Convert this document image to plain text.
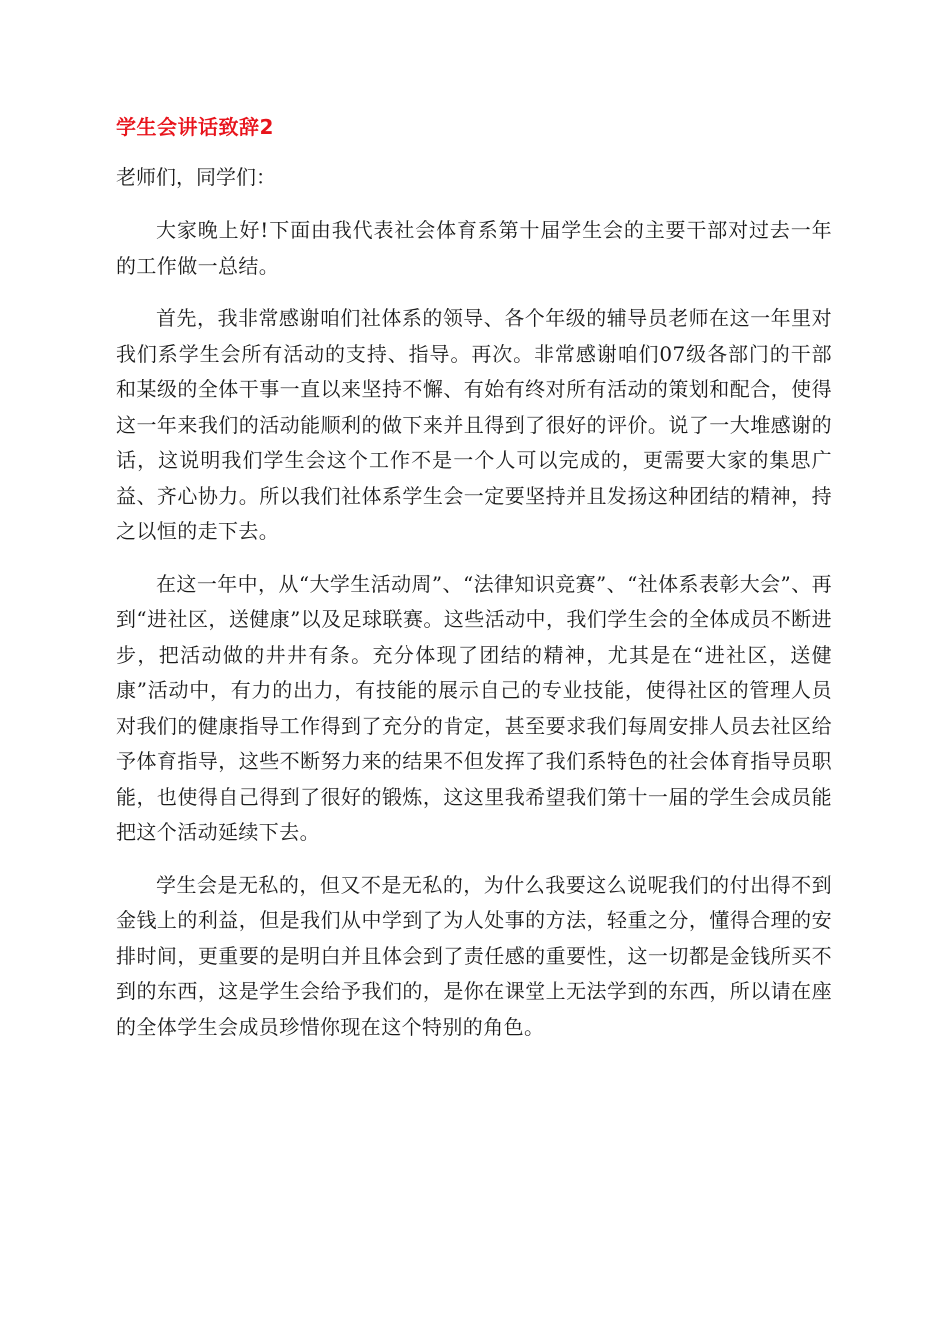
学生会讲话致辞2
老师们，同学们：

大家晚上好!下面由我代表社会体育系第十届学生会的主要干部对过去一年的工作做一总结。

首先，我非常感谢咱们社体系的领导、各个年级的辅导员老师在这一年里对我们系学生会所有活动的支持、指导。再次。非常感谢咱们07级各部门的干部和某级的全体干事一直以来坚持不懈、有始有终对所有活动的策划和配合，使得这一年来我们的活动能顺利的做下来并且得到了很好的评价。说了一大堆感谢的话，这说明我们学生会这个工作不是一个人可以完成的，更需要大家的集思广益、齐心协力。所以我们社体系学生会一定要坚持并且发扬这种团结的精神，持之以恒的走下去。

在这一年中，从“大学生活动周”、“法律知识竞赛”、“社体系表彰大会”、再到“进社区，送健康”以及足球联赛。这些活动中，我们学生会的全体成员不断进步，把活动做的井井有条。充分体现了团结的精神，尤其是在“进社区，送健康”活动中，有力的出力，有技能的展示自己的专业技能，使得社区的管理人员对我们的健康指导工作得到了充分的肯定，甚至要求我们每周安排人员去社区给予体育指导，这些不断努力来的结果不但发挥了我们系特色的社会体育指导员职能，也使得自己得到了很好的锻炼，这这里我希望我们第十一届的学生会成员能把这个活动延续下去。

学生会是无私的，但又不是无私的，为什么我要这么说呢我们的付出得不到金钱上的利益，但是我们从中学到了为人处事的方法，轻重之分，懂得合理的安排时间，更重要的是明白并且体会到了责任感的重要性，这一切都是金钱所买不到的东西，这是学生会给予我们的，是你在课堂上无法学到的东西，所以请在座的全体学生会成员珍惜你现在这个特别的角色。
